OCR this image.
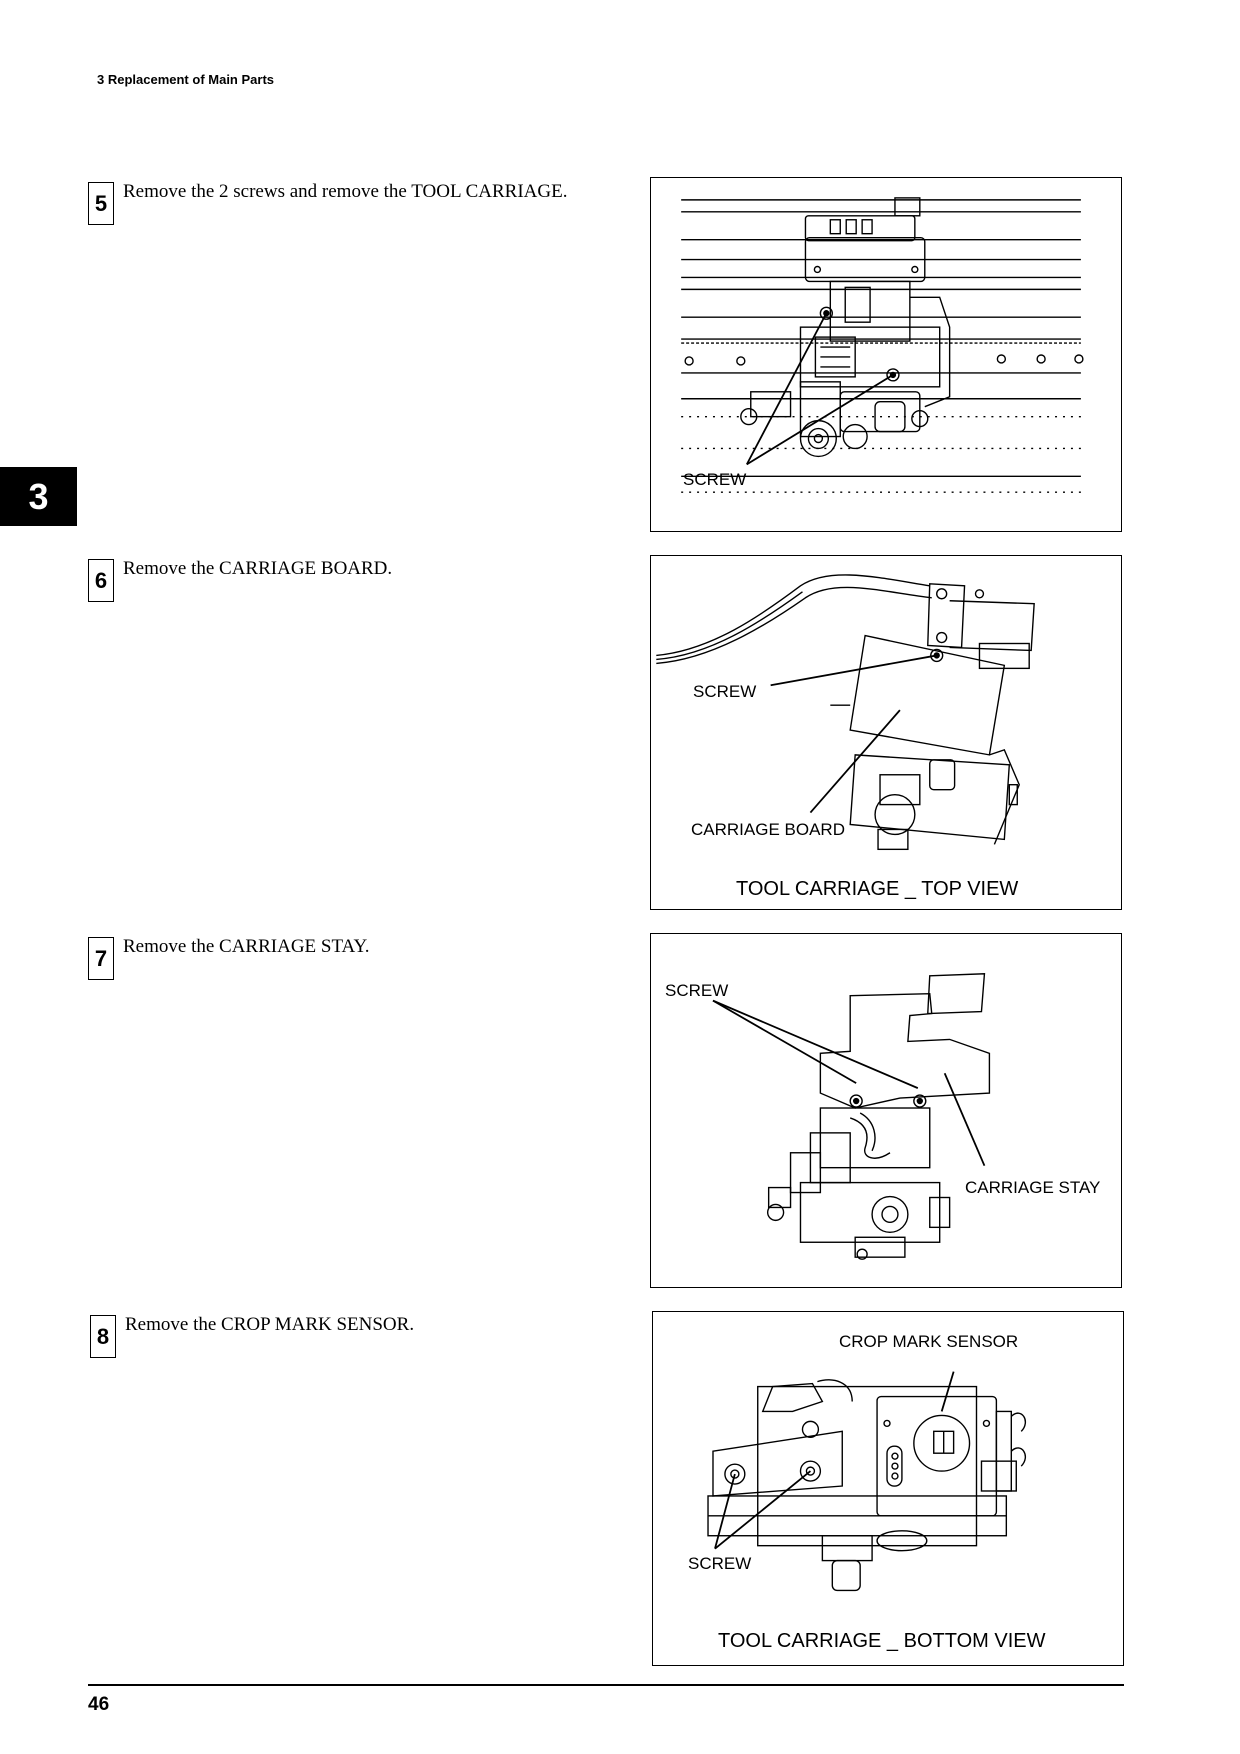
3 Replacement of Main Parts
3
5 Remove the 2 screws and remove the TOOL CARRIAGE.
SCREW
6 Remove the CARRIAGE BOARD.
SCREW
CARRIAGE BOARD
TOOL CARRIAGE _ TOP VIEW
7 Remove the CARRIAGE STAY.
SCREW
CARRIAGE STAY
8 Remove the CROP MARK SENSOR.
CROP MARK SENSOR
SCREW
TOOL CARRIAGE _ BOTTOM VIEW
46
